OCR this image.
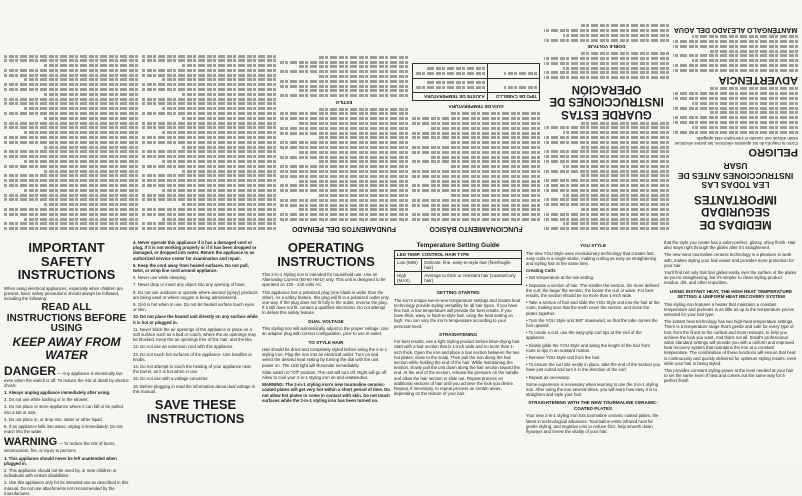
MEDIDAS DE SEGURIDAD IMPORTANTES
LEA TODAS LAS INSTRUCCIONES ANTES DE USAR
PELIGRO

Como la mayoría de los aparatos eléctricos, las partes eléctricas están activas aun cuando el interruptor está apagado.

ADVERTENCIA
MANTÉNGALO ALEJADO DEL AGUA
GUARDE ESTAS INSTRUCCIONES DE OPERACIÓN
DOBLE VOLTAJE
FUNCIONAMIENTO BÁSICO
GUÍA DE TEMPERATURA
TIPO DE CABELLO	AJUSTE DE TEMPERATURA

FUNDAMENTOS DEL PEINADO
ESTILO
IMPORTANT SAFETY INSTRUCTIONS

When using electrical appliances, especially when children are present, basic safety precautions should always be followed, including the following:

READ ALL INSTRUCTIONS BEFORE USING
KEEP AWAY FROM WATER

DANGER — Any appliance is electrically live even when the switch is off. To reduce the risk of death by electric shock:

1. Always unplug appliance immediately after using.

2. Do not use while bathing or in the shower.

3. Do not place or store appliance where it can fall or be pulled into a tub or sink.

4. Do not place in, or drop into, water or other liquid.

5. If an appliance falls into water, unplug it immediately. Do not reach into the water.

WARNING — To reduce the risk of burns, electrocution, fire, or injury to persons:

1. This appliance should never be left unattended when plugged in.

2. This appliance should not be used by, or near children or individuals with certain disabilities.

3. Use this appliance only for its intended use as described in this manual. Do not use attachments not recommended by the manufacturer.

4. Never operate this appliance if it has a damaged cord or plug, if it is not working properly or if it has been dropped or damaged, or dropped into water. Return the appliance to an authorized service center for examination and repair.

5. Keep the cord away from heated surfaces. Do not pull, twist, or wrap line cord around appliance.

6. Never use while sleeping.

7. Never drop or insert any object into any opening of hose.

8. Do not use outdoors or operate where aerosol (spray) products are being used or where oxygen is being administered.

9. Grid is hot when in use. Do not let heated surface touch eyes or skin.

10. Do not place the heated unit directly on any surface while it is hot or plugged in.

11. Never block the air openings of the appliance or place on a soft surface such as a bed or couch, where the air openings may be blocked. Keep the air openings free of lint, hair, and the like.

12. Do not use an extension cord with this appliance.

13. Do not touch hot surfaces of the appliance. Use handles or knobs.

14. Do not attempt to touch the heating of your appliance near the barrel, as it is hot when in use.

15. Do not use with a voltage converter.

16. Before plugging in read the information about dual voltage in this manual.

SAVE THESE INSTRUCTIONS
OPERATING INSTRUCTIONS

This 2-in-1 styling iron is intended for household use. Use on Alternating Current (50-60 Hertz) only. This unit is designed to be operated on 120 - 240 volts AC.

This appliance has a polarized plug (one blade is wider than the other). As a safety feature, this plug will fit in a polarized outlet only one way. If the plug does not fit fully in the outlet, reverse the plug. If it still does not fit, contact a qualified electrician. Do not attempt to defeat this safety feature.

DUAL VOLTAGE

This styling iron will automatically adjust to the proper voltage. Use an adaptor plug with correct configuration, prior to use in outlet.

TO STYLE HAIR

Hair should be dried and completely styled before using the 2-in-1 styling iron. Plug the iron into an electrical outlet. Turn on and select the desired heat setting by turning the dial with the unit power on. The LED light will illuminate immediately.

Slide switch to "Off" position. The unit will turn off. Right will go off. Allow to cool your 2-in-1 styling iron on and unattended.

WARNING: The 2-in-1 styling iron's new tourmaline ceramic-coated plates will get very hot within a short period of time. Do not allow hot plates to come in contact with skin. Do not touch surfaces while the 2-in-1 styling iron has been turned on.

Temperature Setting Guide
LED TEMP. CONTROL HAIR TYPE	
Low (MIN)	Delicate, fine, easy-to-style hair (fine/fragile hair)
High (MAX)	Average to thick or resistant hair (coarse/curly hair)
GETTING STARTED

The iron's unique two-in-one temperature settings and instant heat technology provide styling versatility for all hair types. If you have fine hair, a low temperature will provide the best results. If you have thick, wavy or hard-to-style hair, using the heat setting on high. You can vary the iron's temperature according to your personal need.

STRAIGHTENING

For best results, use a light styling product before blow-drying hair. Start with a hair section that is 1-inch wide and no more than 1-inch thick. Open the iron and place a hair section between the two hot plates; close to the scalp. Then pull the iron along the hair section while holding the end of the hair. While maintaining the tension, slowly pull the unit down along the hair section toward the end. At the end of the section, release the pressure on the handle and allow the hair section to slide out. Repeat process on additional sections of hair until you achieve the look you desire. Repeat, if necessary, to repeat process on certain areas, depending on the texture of your hair.

YOU STYLE

The new YOU Style uses revolutionary technology that creates fast, easy curls in a single stroke, making curling as easy as straightening and styling hair at the same time.

Creating Curls

• Set temperature at the low setting.

• Separate a section of hair. The smaller the section, the more defined the curl; the larger the section, the looser the curl or wave. For best results, the section should be no more than 1-inch wide.

• Take a section of hair and slide the YOU Style unit into the hair at the roots, making sure that the teeth cover the section, and close the plates together.

• Turn the YOU Style unit 360° downward, so that the tube curves the hair upward.

• To create a curl, use the easy-grip curl tips at the end of the appliance.

• Slowly glide the YOU Style and along the length of the hair from roots to tips in an outward motion.

• Remove YOU Style unit from the hair.

• To ensure the curl sits neatly in place, take the end of the section you have just curled and turn it in the direction of the curl.

• Repeat as necessary.

Some experience is necessary when learning to use the 2-in-1 styling iron. After using the iron several times, you will learn how easy it is to straighten and style your hair.

STRAIGHTENING WITH THE NEW TOURMALINE CERAMIC-COATED PLATES

Your new 2-in-1 styling iron has tourmaline ceramic coated plates, the latest in technological advances. Tourmaline emits infrared heat for gentle styling, and negative ions to reduce frizz, help smooth down flyaways and renew the vitality of your hair.

that the style you create has a salon-perfect, glossy, shiny finish. Hair also stays right through the glides after it's straightened.

The new nano tourmaline ceramic technology is a pleasure to work with, makes styling your hair easier and provides more protection for your hair.

You'll find not only that hair glides easily over the surface of the plates as you're straightening, but it's simpler to clean styling product residue, dirt, and other impurities.

USING INSTANT HEAT, THE HIGH HEAT TEMPERATURE SETTING & UNIFORM HEAT RECOVERY SYSTEM

This styling iron features a heater that maintains a constant temperature and preheats in as little as up to the temperature you've selected for your hair type.

The instant heat technology has two high-heat temperature settings. There is a temperature range that's gentle and safe for every type of hair, from the finest to the curliest and most resistant, to help you achieve the look you want. And that's not all. Small's professional salon standard settings will provide you with a uniform and improved heat recovery system that maintains the iron at a constant temperature. The combination of these functions will ensure that heat is continuously and quickly delivered for optimum styling results, even while your hair is being styled.

This provides constant styling power at the level needed at your hair to set the same level of heat and comes out the same way for a perfect finish.
